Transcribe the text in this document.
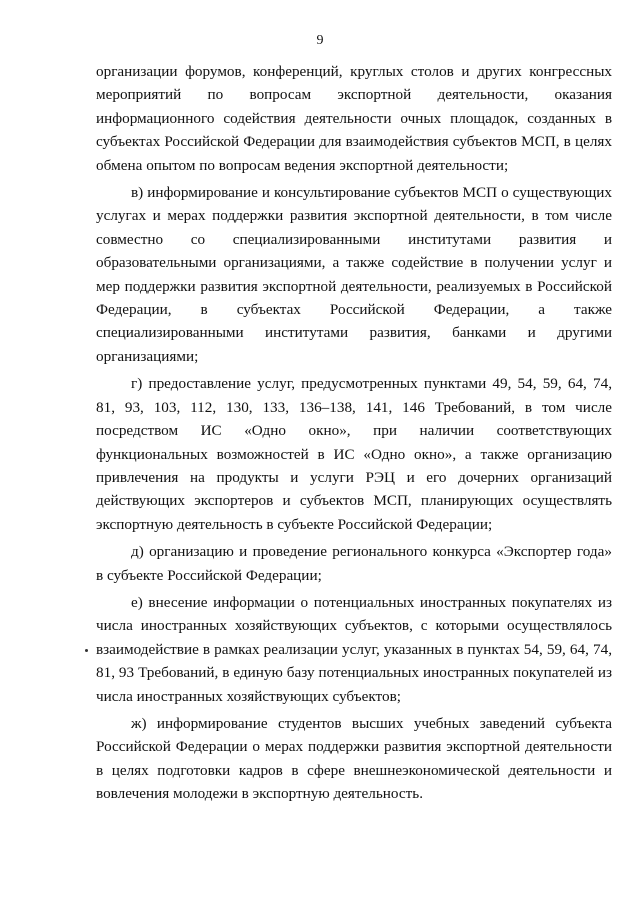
9

организации форумов, конференций, круглых столов и других конгрессных мероприятий по вопросам экспортной деятельности, оказания информационного содействия деятельности очных площадок, созданных в субъектах Российской Федерации для взаимодействия субъектов МСП, в целях обмена опытом по вопросам ведения экспортной деятельности;

в) информирование и консультирование субъектов МСП о существующих услугах и мерах поддержки развития экспортной деятельности, в том числе совместно со специализированными институтами развития и образовательными организациями, а также содействие в получении услуг и мер поддержки развития экспортной деятельности, реализуемых в Российской Федерации, в субъектах Российской Федерации, а также специализированными институтами развития, банками и другими организациями;

г) предоставление услуг, предусмотренных пунктами 49, 54, 59, 64, 74, 81, 93, 103, 112, 130, 133, 136–138, 141, 146 Требований, в том числе посредством ИС «Одно окно», при наличии соответствующих функциональных возможностей в ИС «Одно окно», а также организацию привлечения на продукты и услуги РЭЦ и его дочерних организаций действующих экспортеров и субъектов МСП, планирующих осуществлять экспортную деятельность в субъекте Российской Федерации;

д) организацию и проведение регионального конкурса «Экспортер года» в субъекте Российской Федерации;

е) внесение информации о потенциальных иностранных покупателях из числа иностранных хозяйствующих субъектов, с которыми осуществлялось взаимодействие в рамках реализации услуг, указанных в пунктах 54, 59, 64, 74, 81, 93 Требований, в единую базу потенциальных иностранных покупателей из числа иностранных хозяйствующих субъектов;

ж) информирование студентов высших учебных заведений субъекта Российской Федерации о мерах поддержки развития экспортной деятельности в целях подготовки кадров в сфере внешнеэкономической деятельности и вовлечения молодежи в экспортную деятельность.
